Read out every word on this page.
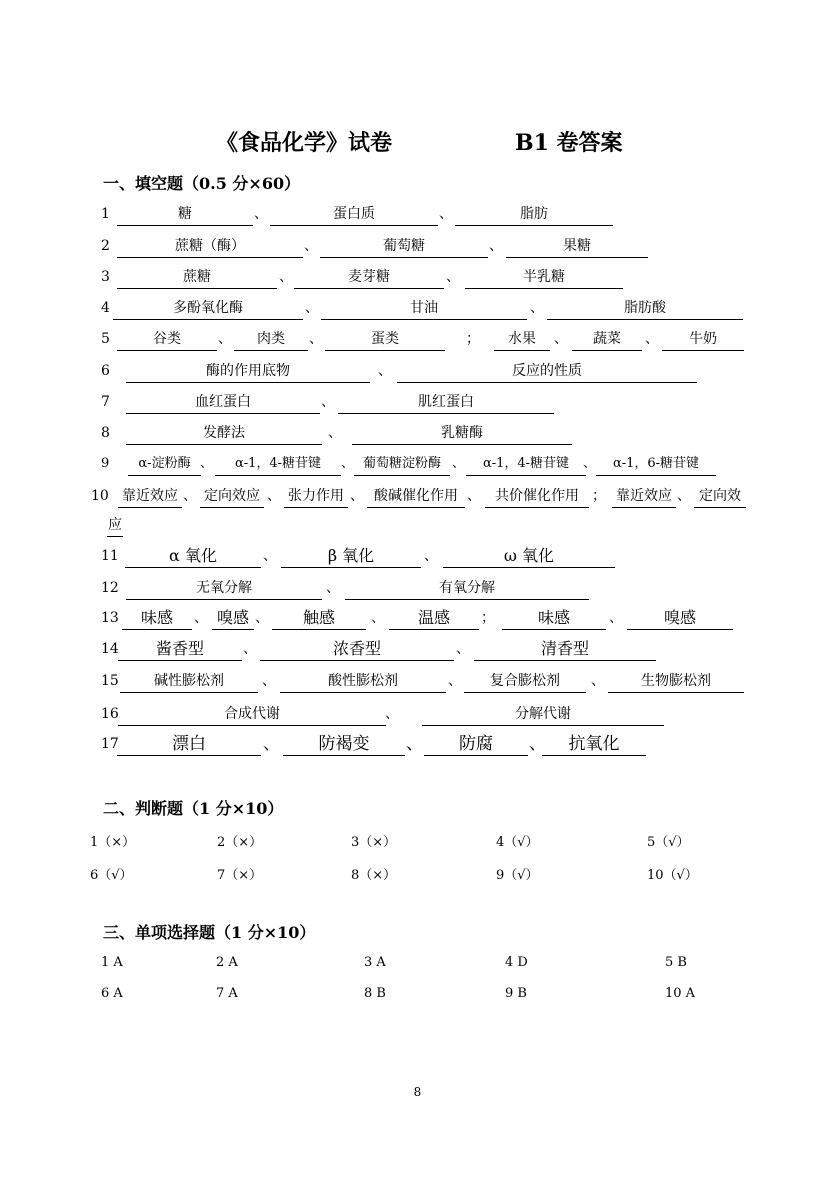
《食品化学》试卷	B1 卷答案
一、填空题（0.5 分×60）
1	糖	、	蛋白质	、	脂肪
2	蔗糖（酶）	、	葡萄糖	、	果糖
3	蔗糖	、	麦芽糖	、	半乳糖
4	多酚氧化酶	、	甘油	、	脂肪酸
5	谷类	、	肉类	、	蛋类	；	水果	、	蔬菜	、	牛奶
6	酶的作用底物	、	反应的性质
7	血红蛋白	、	肌红蛋白
8	发酵法	、	乳糖酶
9	α-淀粉酶 、	α-1，4-糖苷键	、 葡萄糖淀粉酶 、	α-1，4-糖苷键	、	α-1，6-糖苷键
10 靠近效应 、 定向效应 、 张力作用 、 酸碱催化作用 、	共价催化作用 ； 靠近效应 、 定向效
应
11	α 氧化	、	β 氧化	、	ω 氧化
12	无氧分解	、	有氧分解
13	味感	、 嗅感 、	触感	、	温感	；	味感	、	嗅感
14	酱香型	、	浓香型	、	清香型
15	碱性膨松剂	、	酸性膨松剂	、	复合膨松剂	、	生物膨松剂
16	合成代谢	、	分解代谢
17	漂白	、	防褐变	、	防腐	、	抗氧化
二、判断题（1 分×10）
1（×）	2（×）	3（×）	4（√）	5（√）
6（√）	7（×）	8（×）	9（√）	10（√）
三、单项选择题（1 分×10）
1 A	2 A	3 A	4 D	5 B
6 A	7 A	8 B	9 B	10 A
8
